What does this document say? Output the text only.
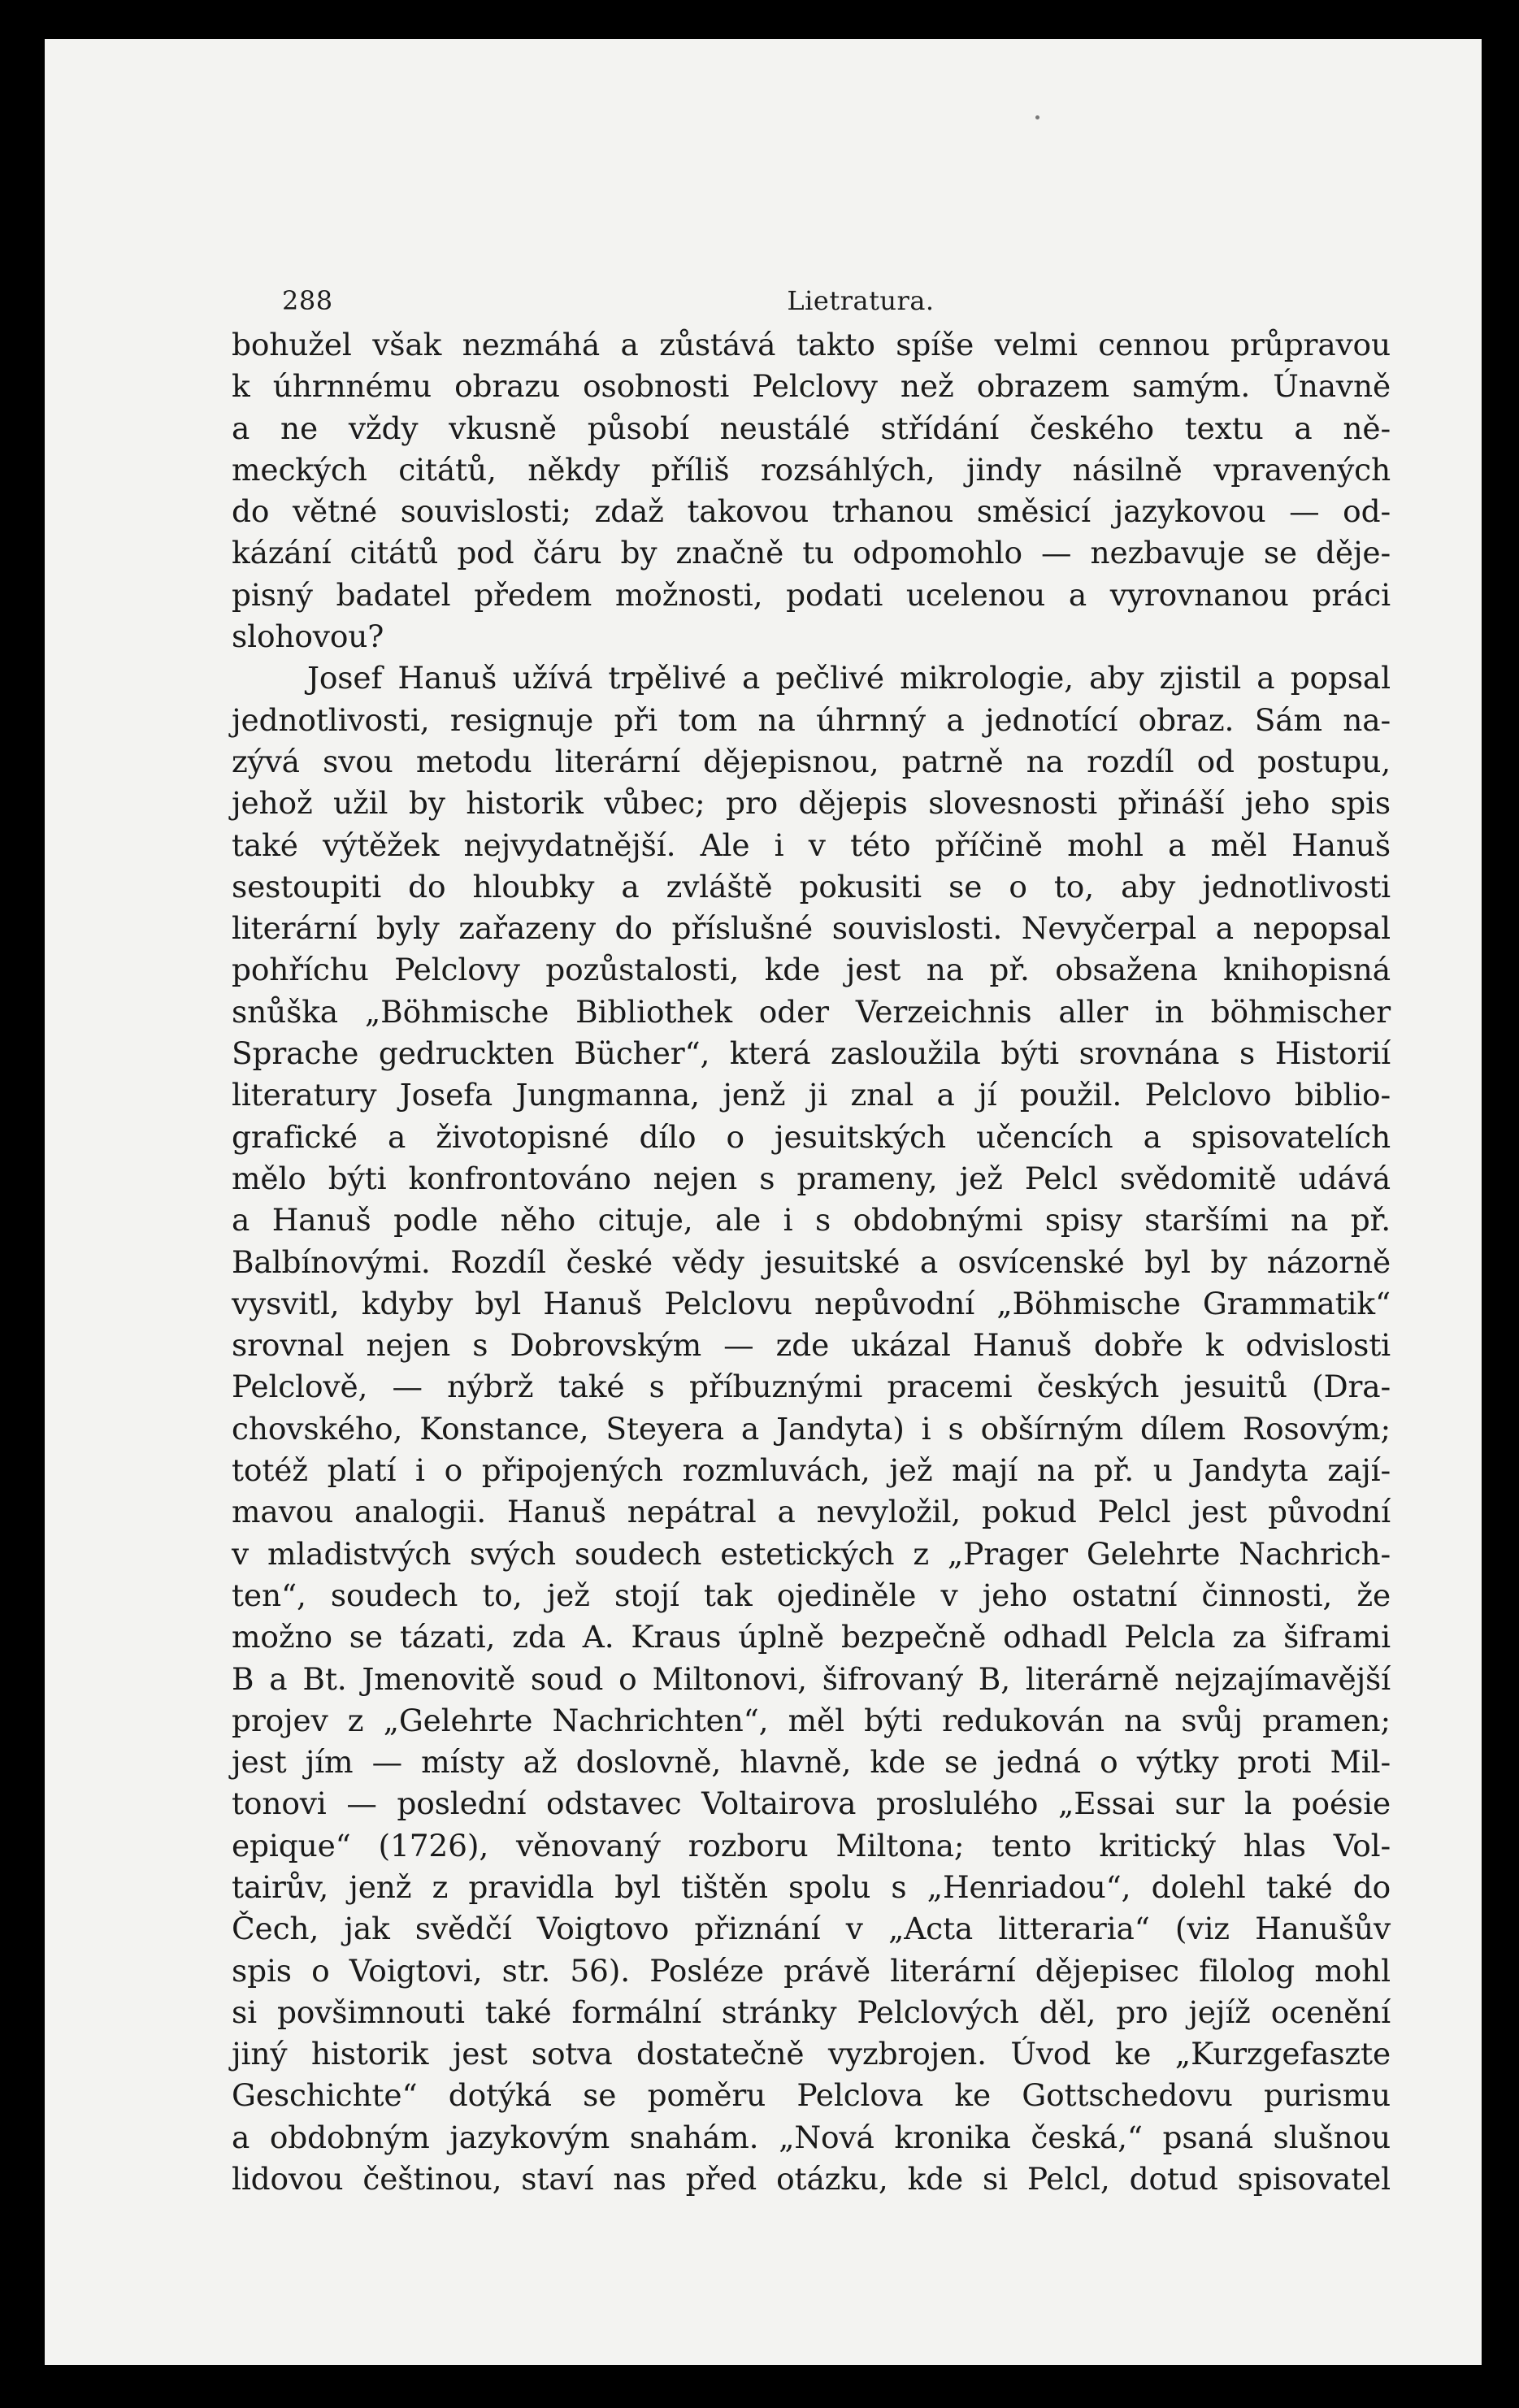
288	Lietratura.
bohužel však nezmáhá a zůstává takto spíše velmi cennou průpravou
k úhrnnému obrazu osobnosti Pelclovy než obrazem samým. Únavně
a ne vždy vkusně působí neustálé střídání českého textu a ně-
meckých citátů, někdy příliš rozsáhlých, jindy násilně vpravených
do větné souvislosti; zdaž takovou trhanou směsicí jazykovou — od-
kázání citátů pod čáru by značně tu odpomohlo — nezbavuje se děje-
pisný badatel předem možnosti, podati ucelenou a vyrovnanou práci
slohovou?
Josef Hanuš užívá trpělivé a pečlivé mikrologie, aby zjistil a popsal
jednotlivosti, resignuje při tom na úhrnný a jednotící obraz. Sám na-
zývá svou metodu literární dějepisnou, patrně na rozdíl od postupu,
jehož užil by historik vůbec; pro dějepis slovesnosti přináší jeho spis
také výtěžek nejvydatnější. Ale i v této příčině mohl a měl Hanuš
sestoupiti do hloubky a zvláště pokusiti se o to, aby jednotlivosti
literární byly zařazeny do příslušné souvislosti. Nevyčerpal a nepopsal
pohříchu Pelclovy pozůstalosti, kde jest na př. obsažena knihopisná
snůška „Böhmische Bibliothek oder Verzeichnis aller in böhmischer
Sprache gedruckten Bücher“, která zasloužila býti srovnána s Historií
literatury Josefa Jungmanna, jenž ji znal a jí použil. Pelclovo biblio-
grafické a životopisné dílo o jesuitských učencích a spisovatelích
mělo býti konfrontováno nejen s prameny, jež Pelcl svědomitě udává
a Hanuš podle něho cituje, ale i s obdobnými spisy staršími na př.
Balbínovými. Rozdíl české vědy jesuitské a osvícenské byl by názorně
vysvitl, kdyby byl Hanuš Pelclovu nepůvodní „Böhmische Grammatik“
srovnal nejen s Dobrovským — zde ukázal Hanuš dobře k odvislosti
Pelclově, — nýbrž také s příbuznými pracemi českých jesuitů (Dra-
chovského, Konstance, Steyera a Jandyta) i s obšírným dílem Rosovým;
totéž platí i o připojených rozmluvách, jež mají na př. u Jandyta zají-
mavou analogii. Hanuš nepátral a nevyložil, pokud Pelcl jest původní
v mladistvých svých soudech estetických z „Prager Gelehrte Nachrich-
ten“, soudech to, jež stojí tak ojediněle v jeho ostatní činnosti, že
možno se tázati, zda A. Kraus úplně bezpečně odhadl Pelcla za šiframi
B a Bt. Jmenovitě soud o Miltonovi, šifrovaný B, literárně nejzajímavější
projev z „Gelehrte Nachrichten“, měl býti redukován na svůj pramen;
jest jím — místy až doslovně, hlavně, kde se jedná o výtky proti Mil-
tonovi — poslední odstavec Voltairova proslulého „Essai sur la poésie
epique“ (1726), věnovaný rozboru Miltona; tento kritický hlas Vol-
tairův, jenž z pravidla byl tištěn spolu s „Henriadou“, dolehl také do
Čech, jak svědčí Voigtovo přiznání v „Acta litteraria“ (viz Hanušův
spis o Voigtovi, str. 56). Posléze právě literární dějepisec filolog mohl
si povšimnouti také formální stránky Pelclových děl, pro jejíž ocenění
jiný historik jest sotva dostatečně vyzbrojen. Úvod ke „Kurzgefaszte
Geschichte“ dotýká se poměru Pelclova ke Gottschedovu purismu
a obdobným jazykovým snahám. „Nová kronika česká,“ psaná slušnou
lidovou češtinou, staví nas před otázku, kde si Pelcl, dotud spisovatel
